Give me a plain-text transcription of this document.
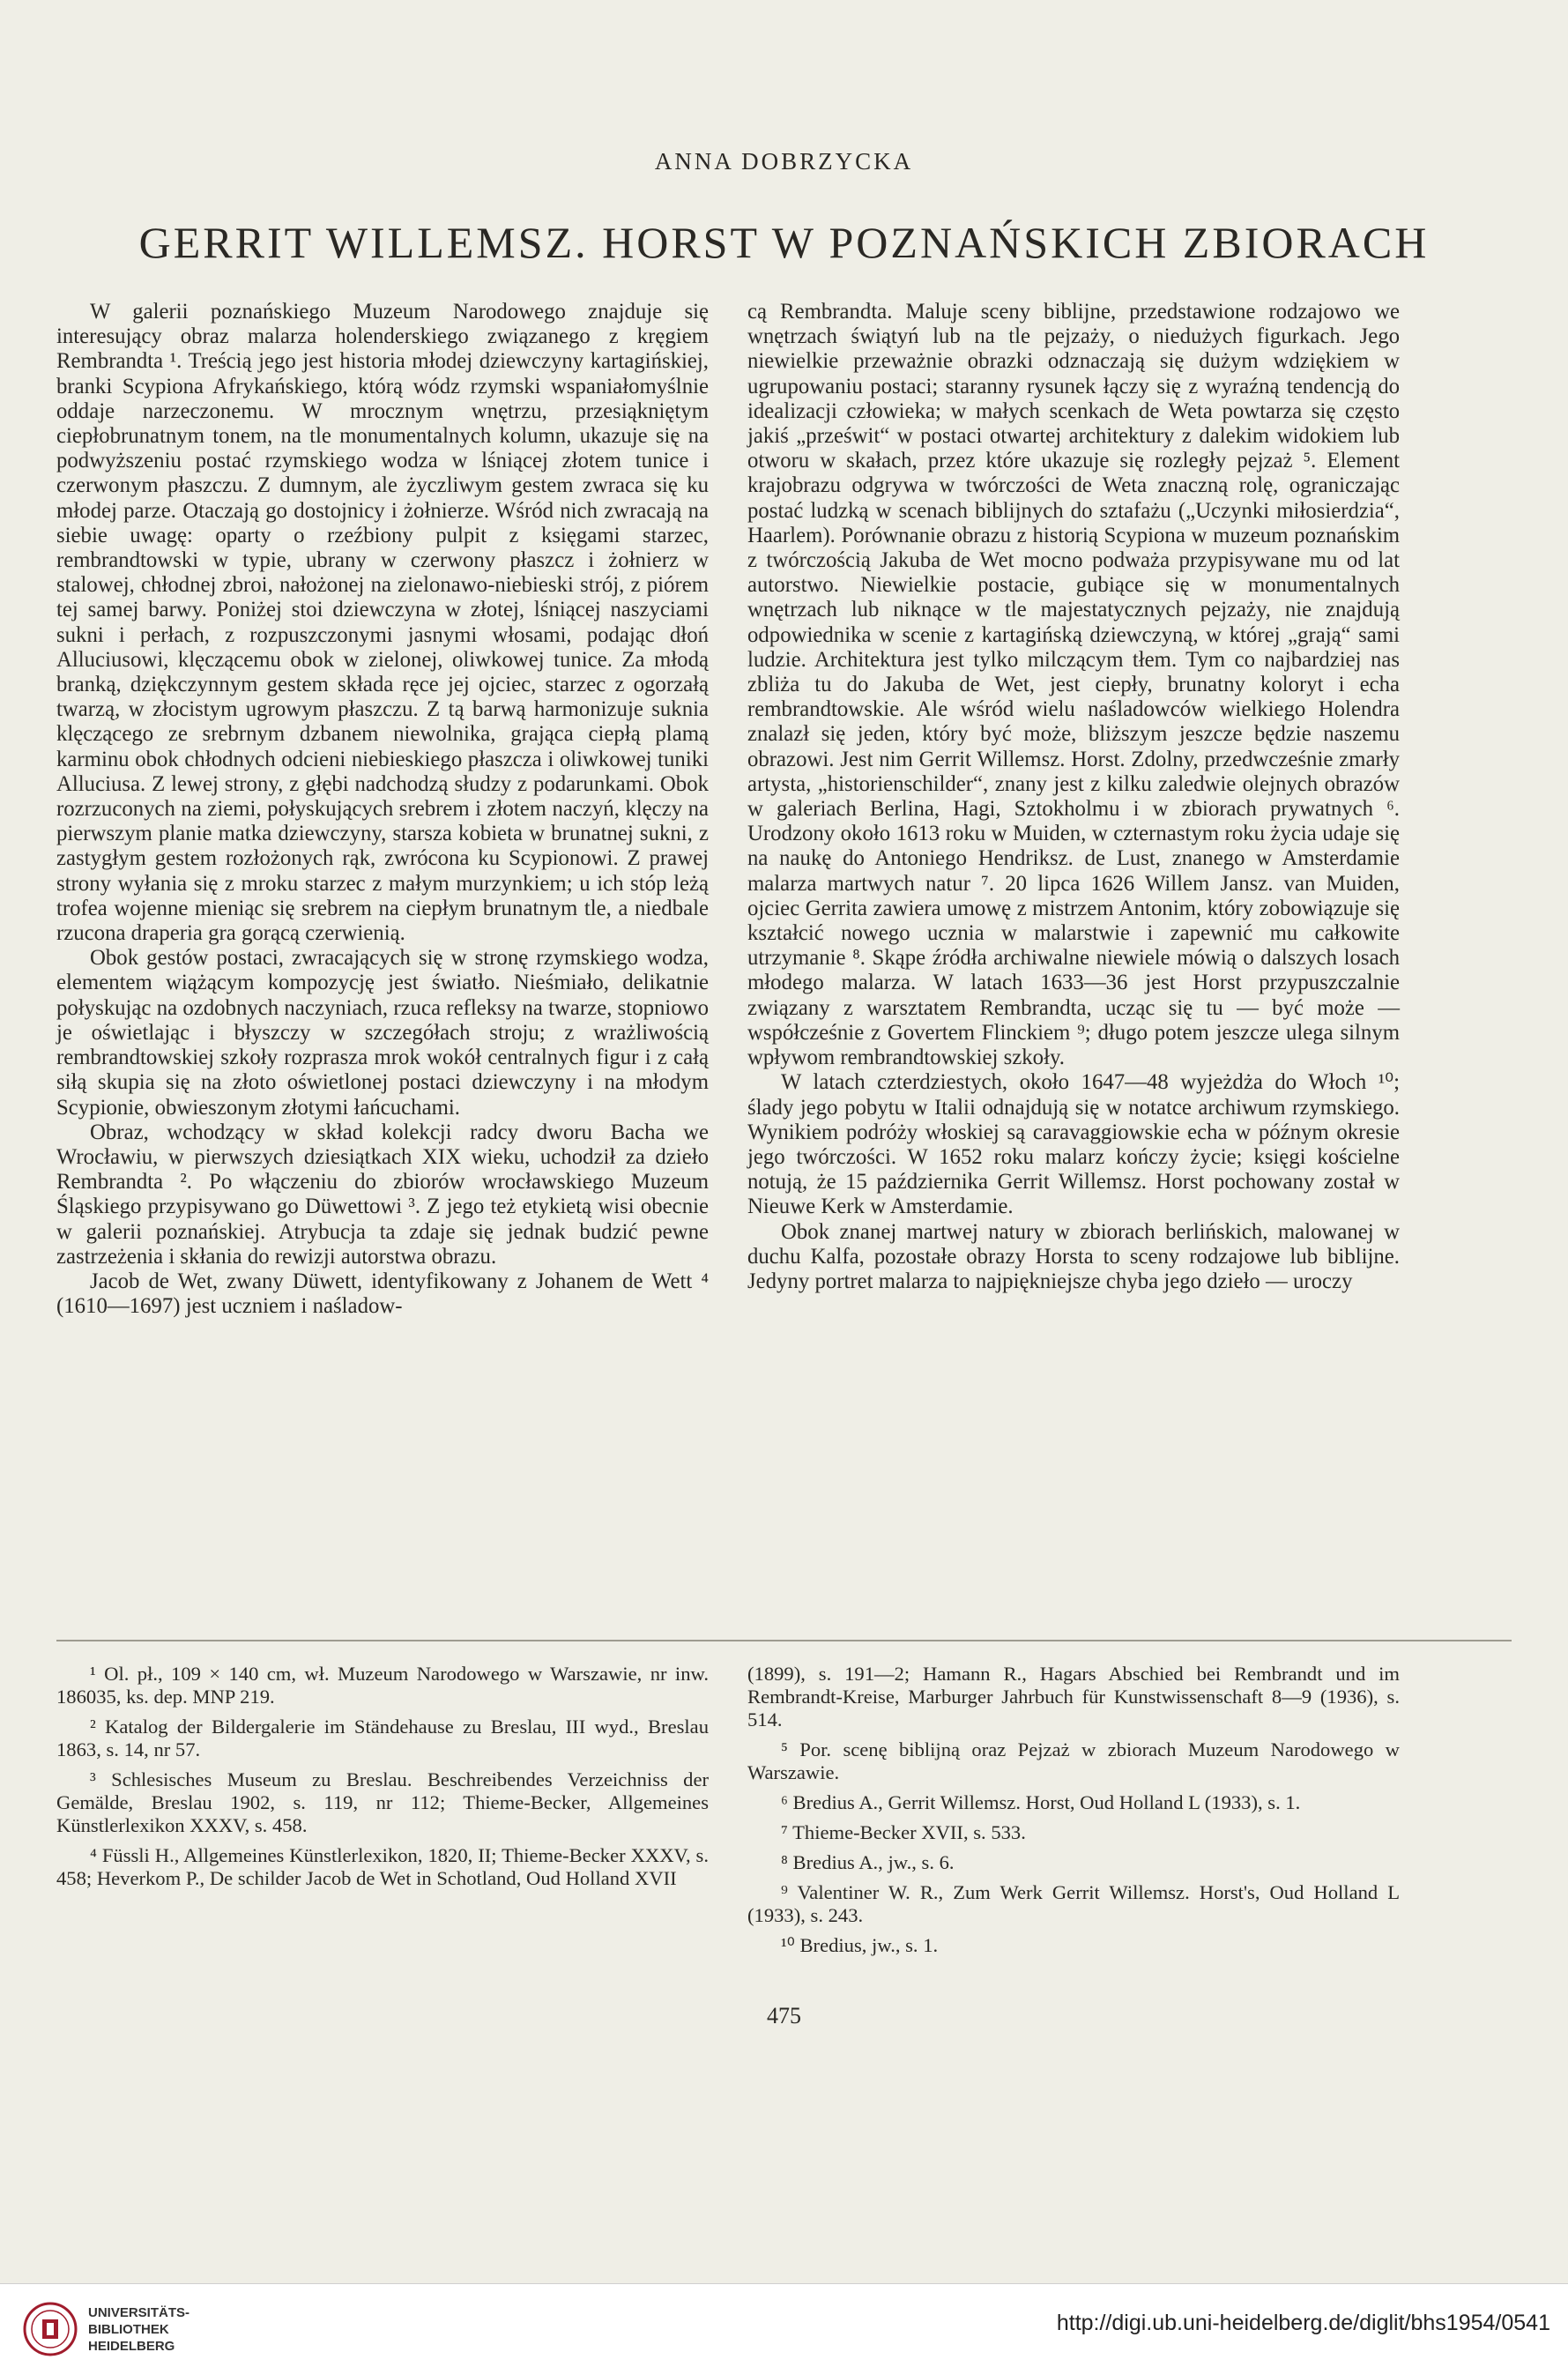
ANNA DOBRZYCKA
GERRIT WILLEMSZ. HORST W POZNAŃSKICH ZBIORACH

W galerii poznańskiego Muzeum Narodowego znajduje się interesujący obraz malarza holenderskiego związanego z kręgiem Rembrandta ¹. Treścią jego jest historia młodej dziewczyny kartagińskiej, branki Scypiona Afrykańskiego, którą wódz rzymski wspaniałomyślnie oddaje narzeczonemu. W mrocznym wnętrzu, przesiąkniętym ciepłobrunatnym tonem, na tle monumentalnych kolumn, ukazuje się na podwyższeniu postać rzymskiego wodza w lśniącej złotem tunice i czerwonym płaszczu. Z dumnym, ale życzliwym gestem zwraca się ku młodej parze. Otaczają go dostojnicy i żołnierze. Wśród nich zwracają na siebie uwagę: oparty o rzeźbiony pulpit z księgami starzec, rembrandtowski w typie, ubrany w czerwony płaszcz i żołnierz w stalowej, chłodnej zbroi, nałożonej na zielonawo-niebieski strój, z piórem tej samej barwy. Poniżej stoi dziewczyna w złotej, lśniącej naszyciami sukni i perłach, z rozpuszczonymi jasnymi włosami, podając dłoń Alluciusowi, klęczącemu obok w zielonej, oliwkowej tunice. Za młodą branką, dziękczynnym gestem składa ręce jej ojciec, starzec z ogorzałą twarzą, w złocistym ugrowym płaszczu. Z tą barwą harmonizuje suknia klęczącego ze srebrnym dzbanem niewolnika, grająca ciepłą plamą karminu obok chłodnych odcieni niebieskiego płaszcza i oliwkowej tuniki Alluciusa. Z lewej strony, z głębi nadchodzą słudzy z podarunkami. Obok rozrzuconych na ziemi, połyskujących srebrem i złotem naczyń, klęczy na pierwszym planie matka dziewczyny, starsza kobieta w brunatnej sukni, z zastygłym gestem rozłożonych rąk, zwrócona ku Scypionowi. Z prawej strony wyłania się z mroku starzec z małym murzynkiem; u ich stóp leżą trofea wojenne mieniąc się srebrem na ciepłym brunatnym tle, a niedbale rzucona draperia gra gorącą czerwienią.

Obok gestów postaci, zwracających się w stronę rzymskiego wodza, elementem wiążącym kompozycję jest światło. Nieśmiało, delikatnie połyskując na ozdobnych naczyniach, rzuca refleksy na twarze, stopniowo je oświetlając i błyszczy w szczegółach stroju; z wrażliwością rembrandtowskiej szkoły rozprasza mrok wokół centralnych figur i z całą siłą skupia się na złoto oświetlonej postaci dziewczyny i na młodym Scypionie, obwieszonym złotymi łańcuchami.

Obraz, wchodzący w skład kolekcji radcy dworu Bacha we Wrocławiu, w pierwszych dziesiątkach XIX wieku, uchodził za dzieło Rembrandta ². Po włączeniu do zbiorów wrocławskiego Muzeum Śląskiego przypisywano go Düwettowi ³. Z jego też etykietą wisi obecnie w galerii poznańskiej. Atrybucja ta zdaje się jednak budzić pewne zastrzeżenia i skłania do rewizji autorstwa obrazu.

Jacob de Wet, zwany Düwett, identyfikowany z Johanem de Wett ⁴ (1610—1697) jest uczniem i naśladow-

cą Rembrandta. Maluje sceny biblijne, przedstawione rodzajowo we wnętrzach świątyń lub na tle pejzaży, o niedużych figurkach. Jego niewielkie przeważnie obrazki odznaczają się dużym wdziękiem w ugrupowaniu postaci; staranny rysunek łączy się z wyraźną tendencją do idealizacji człowieka; w małych scenkach de Weta powtarza się często jakiś „prześwit“ w postaci otwartej architektury z dalekim widokiem lub otworu w skałach, przez które ukazuje się rozległy pejzaż ⁵. Element krajobrazu odgrywa w twórczości de Weta znaczną rolę, ograniczając postać ludzką w scenach biblijnych do sztafażu („Uczynki miłosierdzia“, Haarlem). Porównanie obrazu z historią Scypiona w muzeum poznańskim z twórczością Jakuba de Wet mocno podważa przypisywane mu od lat autorstwo. Niewielkie postacie, gubiące się w monumentalnych wnętrzach lub niknące w tle majestatycznych pejzaży, nie znajdują odpowiednika w scenie z kartagińską dziewczyną, w której „grają“ sami ludzie. Architektura jest tylko milczącym tłem. Tym co najbardziej nas zbliża tu do Jakuba de Wet, jest ciepły, brunatny koloryt i echa rembrandtowskie. Ale wśród wielu naśladowców wielkiego Holendra znalazł się jeden, który być może, bliższym jeszcze będzie naszemu obrazowi. Jest nim Gerrit Willemsz. Horst. Zdolny, przedwcześnie zmarły artysta, „historienschilder“, znany jest z kilku zaledwie olejnych obrazów w galeriach Berlina, Hagi, Sztokholmu i w zbiorach prywatnych ⁶. Urodzony około 1613 roku w Muiden, w czternastym roku życia udaje się na naukę do Antoniego Hendriksz. de Lust, znanego w Amsterdamie malarza martwych natur ⁷. 20 lipca 1626 Willem Jansz. van Muiden, ojciec Gerrita zawiera umowę z mistrzem Antonim, który zobowiązuje się kształcić nowego ucznia w malarstwie i zapewnić mu całkowite utrzymanie ⁸. Skąpe źródła archiwalne niewiele mówią o dalszych losach młodego malarza. W latach 1633—36 jest Horst przypuszczalnie związany z warsztatem Rembrandta, ucząc się tu — być może — współcześnie z Govertem Flinckiem ⁹; długo potem jeszcze ulega silnym wpływom rembrandtowskiej szkoły.

W latach czterdziestych, około 1647—48 wyjeżdża do Włoch ¹⁰; ślady jego pobytu w Italii odnajdują się w notatce archiwum rzymskiego. Wynikiem podróży włoskiej są caravaggiowskie echa w późnym okresie jego twórczości. W 1652 roku malarz kończy życie; księgi kościelne notują, że 15 października Gerrit Willemsz. Horst pochowany został w Nieuwe Kerk w Amsterdamie.

Obok znanej martwej natury w zbiorach berlińskich, malowanej w duchu Kalfa, pozostałe obrazy Horsta to sceny rodzajowe lub biblijne. Jedyny portret malarza to najpiękniejsze chyba jego dzieło — uroczy

¹ Ol. pł., 109 × 140 cm, wł. Muzeum Narodowego w Warszawie, nr inw. 186035, ks. dep. MNP 219.

² Katalog der Bildergalerie im Ständehause zu Breslau, III wyd., Breslau 1863, s. 14, nr 57.

³ Schlesisches Museum zu Breslau. Beschreibendes Verzeichniss der Gemälde, Breslau 1902, s. 119, nr 112; Thieme-Becker, Allgemeines Künstlerlexikon XXXV, s. 458.

⁴ Füssli H., Allgemeines Künstlerlexikon, 1820, II; Thieme-Becker XXXV, s. 458; Heverkom P., De schilder Jacob de Wet in Schotland, Oud Holland XVII

(1899), s. 191—2; Hamann R., Hagars Abschied bei Rembrandt und im Rembrandt-Kreise, Marburger Jahrbuch für Kunstwissenschaft 8—9 (1936), s. 514.

⁵ Por. scenę biblijną oraz Pejzaż w zbiorach Muzeum Narodowego w Warszawie.

⁶ Bredius A., Gerrit Willemsz. Horst, Oud Holland L (1933), s. 1.

⁷ Thieme-Becker XVII, s. 533.

⁸ Bredius A., jw., s. 6.

⁹ Valentiner W. R., Zum Werk Gerrit Willemsz. Horst's, Oud Holland L (1933), s. 243.

¹⁰ Bredius, jw., s. 1.

475
UNIVERSITÄTS-
BIBLIOTHEK
HEIDELBERG
http://digi.ub.uni-heidelberg.de/diglit/bhs1954/0541
